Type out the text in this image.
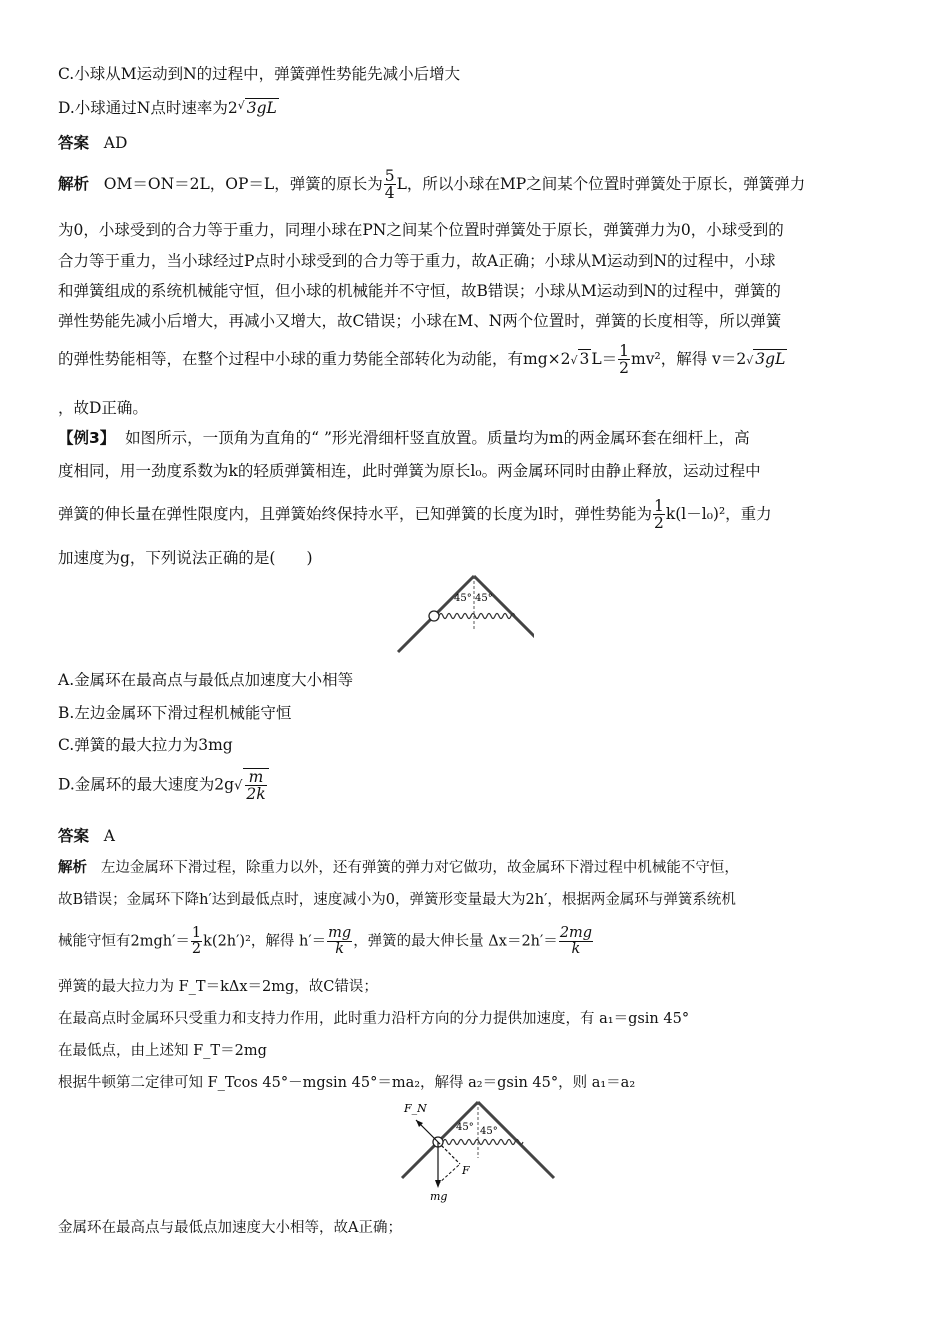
C.小球从M运动到N的过程中，弹簧弹性势能先减小后增大
D.小球通过N点时速率为2√ 3gL
答案 AD
解析 OM＝ON＝2L，OP＝L，弹簧的原长为 $\frac{5}{4}$ L，所以小球在MP之间某个位置时弹簧处于原长，弹簧弹力
为0，小球受到的合力等于重力，同理小球在PN之间某个位置时弹簧处于原长，弹簧弹力为0，小球受到的
合力等于重力，当小球经过P点时小球受到的合力等于重力，故A正确；小球从M运动到N的过程中，小球
和弹簧组成的系统机械能守恒，但小球的机械能并不守恒，故B错误；小球从M运动到N的过程中，弹簧的
弹性势能先减小后增大，再减小又增大，故C错误；小球在M、N两个位置时，弹簧的长度相等，所以弹簧
的弹性势能相等，在整个过程中小球的重力势能全部转化为动能，有mg×2√ 3 $L= \frac{1}{2} mv^2$，解得 v＝2√ 3gL
，故D正确。
【例3】 如图所示，一顶角为直角的“ ”形光滑细杆竖直放置。质量均为m的两金属环套在细杆上，高
度相同，用一劲度系数为k的轻质弹簧相连，此时弹簧为原长l₀。两金属环同时由静止释放，运动过程中
弹簧的伸长量在弹性限度内，且弹簧始终保持水平，已知弹簧的长度为l时，弹性势能为 $\frac{1}{2} k(l-l_0)^2$，重力
加速度为g，下列说法正确的是(　　)
45° 45°
A.金属环在最高点与最低点加速度大小相等
B.左边金属环下滑过程机械能守恒
C.弹簧的最大拉力为3mg
D.金属环的最大速度为$2g√ \frac{m}{2k}$
答案 A
解析 左边金属环下滑过程，除重力以外，还有弹簧的弹力对它做功，故金属环下滑过程中机械能不守恒，
故B错误；金属环下降h′达到最低点时，速度减小为0，弹簧形变量最大为2h′，根据两金属环与弹簧系统机
械能守恒有$2mgh'= \frac{1}{2} k(2h')^2$，解得 $h'= \frac{mg}{k}$ ，弹簧的最大伸长量 $\Delta x=2h'= \frac{2mg}{k}$
弹簧的最大拉力为 F_T＝kΔx＝2mg，故C错误；
在最高点时金属环只受重力和支持力作用，此时重力沿杆方向的分力提供加速度，有 a₁＝gsin 45°
在最低点，由上述知 F_T＝2mg
根据牛顿第二定律可知 F_Tcos 45°－mgsin 45°＝ma₂，解得 a₂＝gsin 45°，则 a₁＝a₂
F_N
F
mg
45° 45°
金属环在最高点与最低点加速度大小相等，故A正确；
